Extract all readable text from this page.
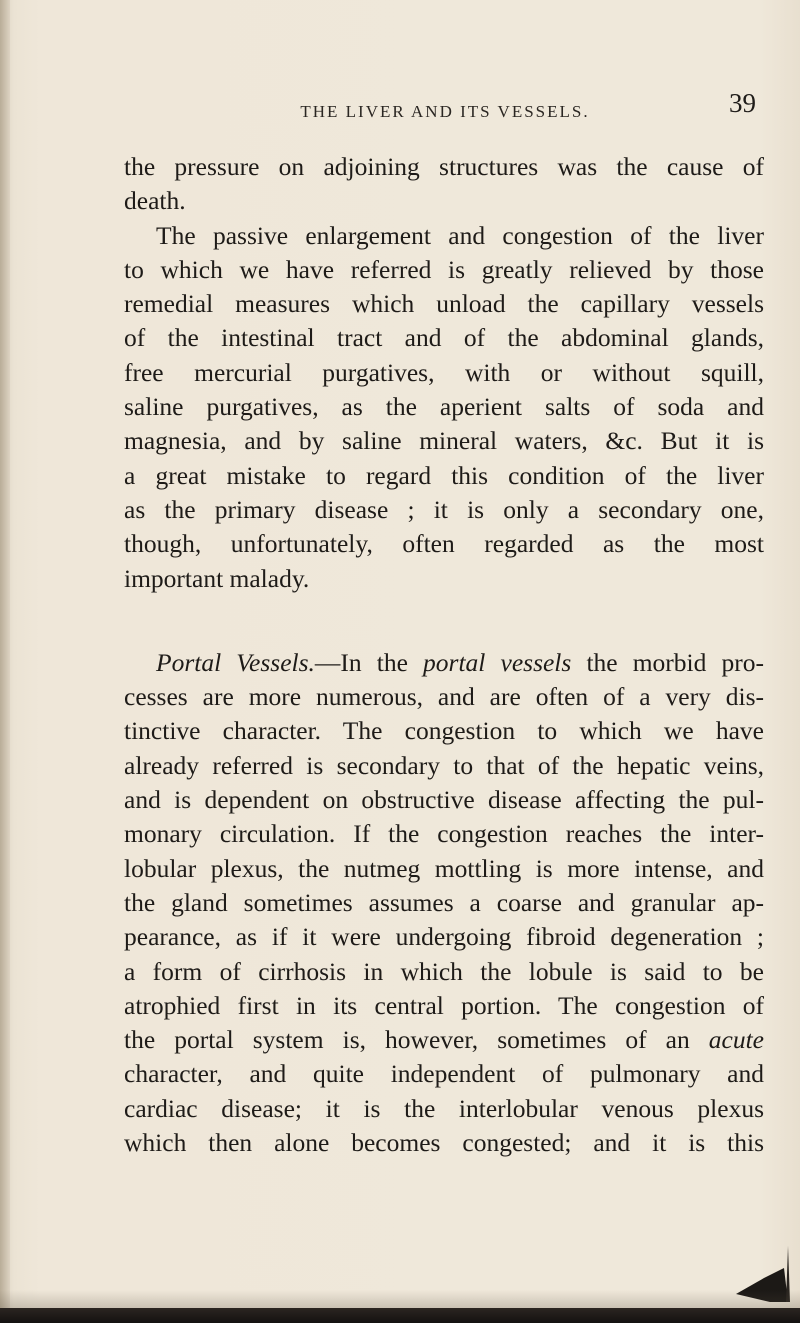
THE LIVER AND ITS VESSELS.	39

the pressure on adjoining structures was the cause of
death.

The passive enlargement and congestion of the liver
to which we have referred is greatly relieved by those
remedial measures which unload the capillary vessels
of the intestinal tract and of the abdominal glands,
free mercurial purgatives, with or without squill,
saline purgatives, as the aperient salts of soda and
magnesia, and by saline mineral waters, &c. But it is
a great mistake to regard this condition of the liver
as the primary disease ; it is only a secondary one,
though, unfortunately, often regarded as the most
important malady.

Portal Vessels.—In the portal vessels the morbid pro-
cesses are more numerous, and are often of a very dis-
tinctive character. The congestion to which we have
already referred is secondary to that of the hepatic veins,
and is dependent on obstructive disease affecting the pul-
monary circulation. If the congestion reaches the inter-
lobular plexus, the nutmeg mottling is more intense, and
the gland sometimes assumes a coarse and granular ap-
pearance, as if it were undergoing fibroid degeneration ;
a form of cirrhosis in which the lobule is said to be
atrophied first in its central portion. The congestion of
the portal system is, however, sometimes of an acute
character, and quite independent of pulmonary and
cardiac disease; it is the interlobular venous plexus
which then alone becomes congested; and it is this
